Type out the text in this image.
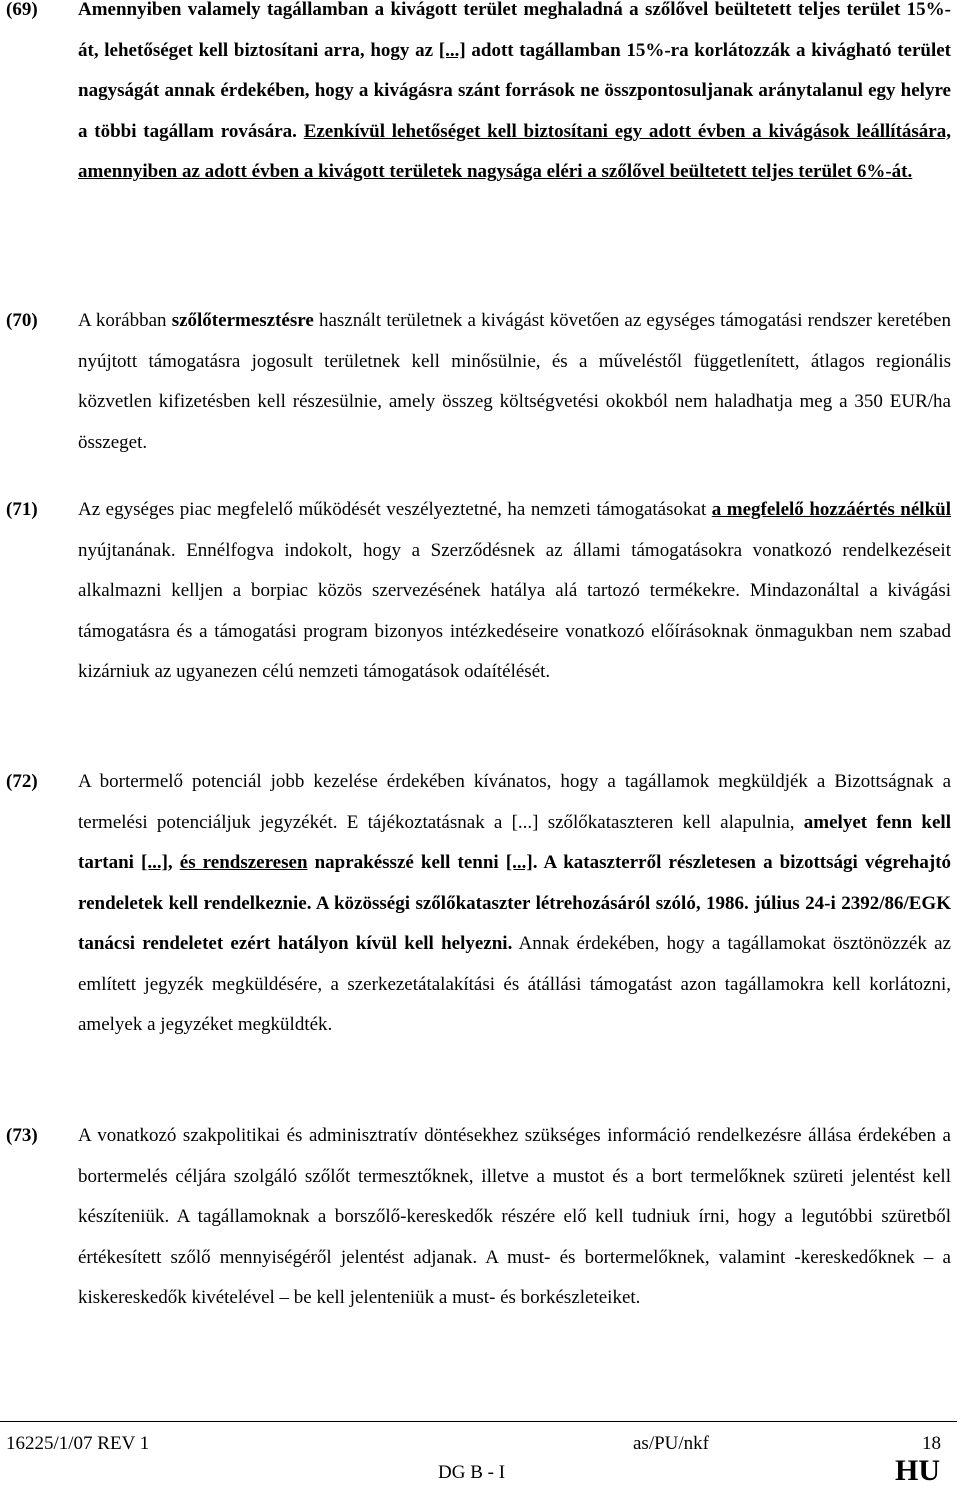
(69) Amennyiben valamely tagállamban a kivágott terület meghaladná a szőlővel beültetett teljes terület 15%-át, lehetőséget kell biztosítani arra, hogy az [...] adott tagállamban 15%-ra korlátozzák a kivágható terület nagyságát annak érdekében, hogy a kivágásra szánt források ne összpontosuljanak aránytalanul egy helyre a többi tagállam rovására. Ezenkívül lehetőséget kell biztosítani egy adott évben a kivágások leállítására, amennyiben az adott évben a kivágott területek nagysága eléri a szőlővel beültetett teljes terület 6%-át.
(70) A korábban szőlőtermesztésre használt területnek a kivágást követően az egységes támogatási rendszer keretében nyújtott támogatásra jogosult területnek kell minősülnie, és a műveléstől függetlenített, átlagos regionális közvetlen kifizetésben kell részesülnie, amely összeg költségvetési okokból nem haladhatja meg a 350 EUR/ha összeget.
(71) Az egységes piac megfelelő működését veszélyeztetné, ha nemzeti támogatásokat a megfelelő hozzáértés nélkül nyújtanának. Ennélfogva indokolt, hogy a Szerződésnek az állami támogatásokra vonatkozó rendelkezéseit alkalmazni kelljen a borpiac közös szervezésének hatálya alá tartozó termékekre. Mindazonáltal a kivágási támogatásra és a támogatási program bizonyos intézkedéseire vonatkozó előírásoknak önmagukban nem szabad kizárniuk az ugyanezen célú nemzeti támogatások odaítélését.
(72) A bortermelő potenciál jobb kezelése érdekében kívánatos, hogy a tagállamok megküldjék a Bizottságnak a termelési potenciáljuk jegyzékét. E tájékoztatásnak a [...] szőlőkataszteren kell alapulnia, amelyet fenn kell tartani [...], és rendszeresen naprakésszé kell tenni [...]. A kataszterről részletesen a bizottsági végrehajtó rendeletek kell rendelkeznie. A közösségi szőlőkataszter létrehozásáról szóló, 1986. július 24-i 2392/86/EGK tanácsi rendeletet ezért hatályon kívül kell helyezni. Annak érdekében, hogy a tagállamokat ösztönözzék az említett jegyzék megküldésére, a szerkezetátalakítási és átállási támogatást azon tagállamokra kell korlátozni, amelyek a jegyzéket megküldték.
(73) A vonatkozó szakpolitikai és adminisztratív döntésekhez szükséges információ rendelkezésre állása érdekében a bortermelés céljára szolgáló szőlőt termesztőknek, illetve a mustot és a bort termelőknek szüreti jelentést kell készíteniük. A tagállamoknak a borszőlő-kereskedők részére elő kell tudniuk írni, hogy a legutóbbi szüretből értékesített szőlő mennyiségéről jelentést adjanak. A must- és bortermelőknek, valamint -kereskedőknek – a kiskereskedők kivételével – be kell jelenteniük a must- és borkészleteiket.
16225/1/07 REV 1	as/PU/nkf	18
DG B - I	HU
